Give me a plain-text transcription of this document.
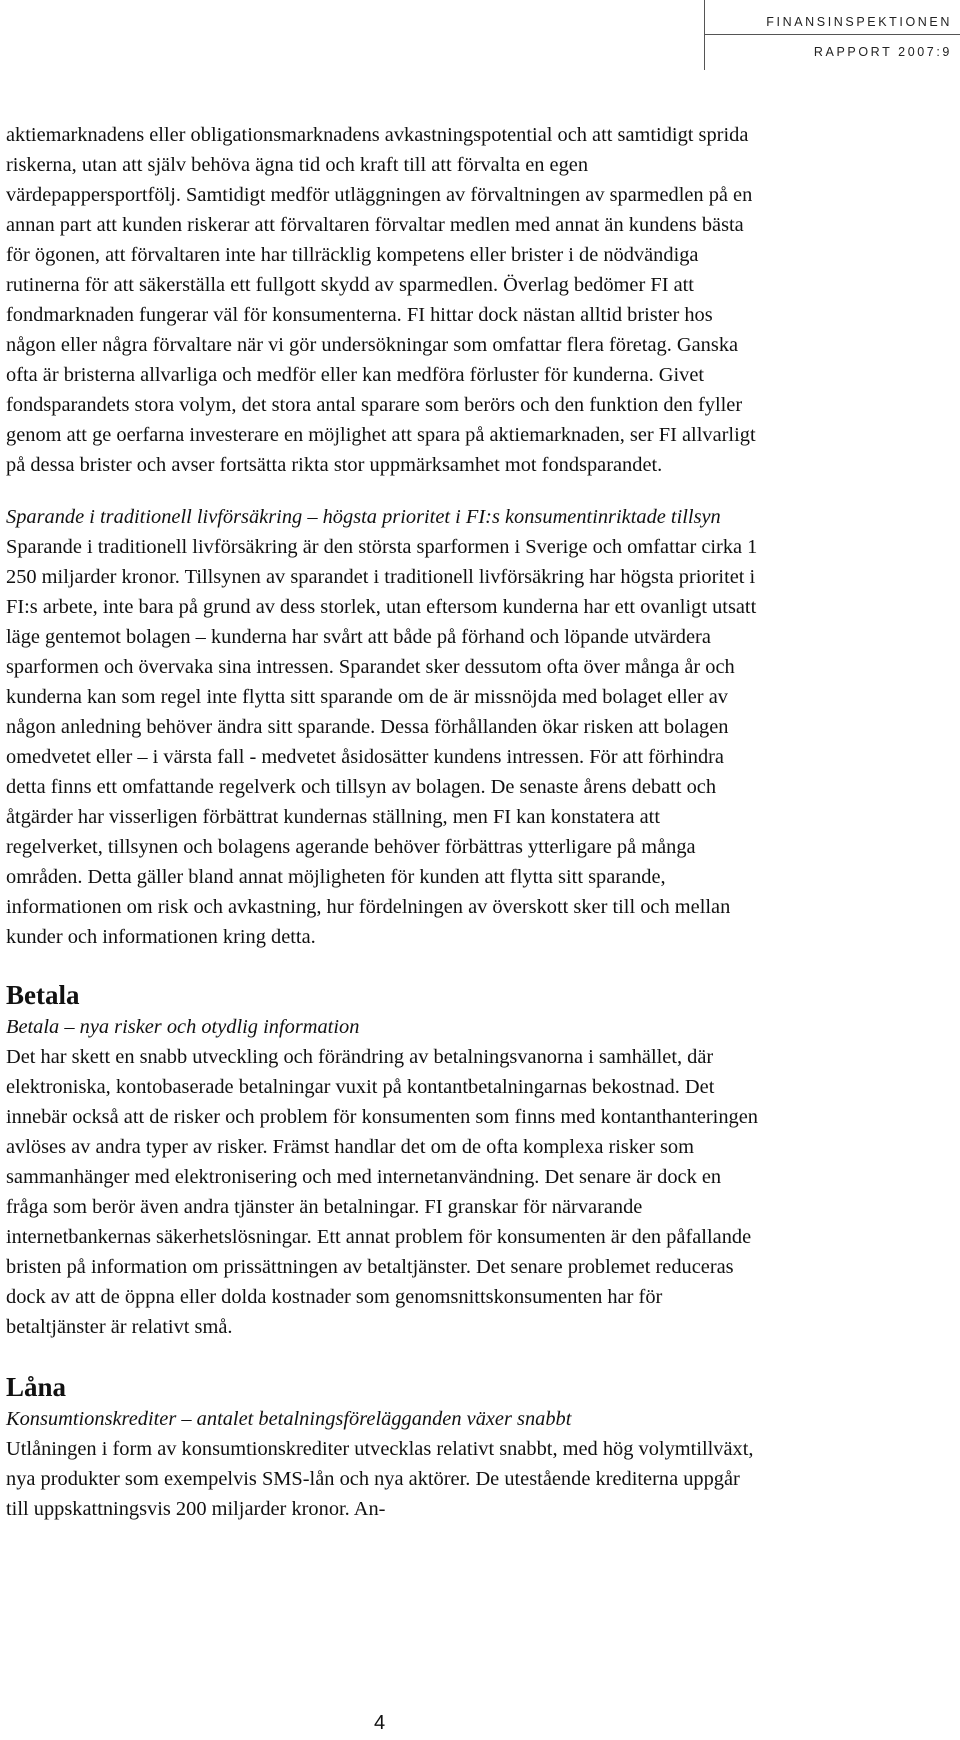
FINANSINSPEKTIONEN
RAPPORT 2007:9

aktiemarknadens eller obligationsmarknadens avkastningspotential och att samtidigt sprida riskerna, utan att själv behöva ägna tid och kraft till att förvalta en egen värdepappersportfölj. Samtidigt medför utläggningen av förvaltningen av sparmedlen på en annan part att kunden riskerar att förvaltaren förvaltar medlen med annat än kundens bästa för ögonen, att förvaltaren inte har tillräcklig kompetens eller brister i de nödvändiga rutinerna för att säkerställa ett fullgott skydd av sparmedlen. Överlag bedömer FI att fondmarknaden fungerar väl för konsumenterna. FI hittar dock nästan alltid brister hos någon eller några förvaltare när vi gör undersökningar som omfattar flera företag. Ganska ofta är bristerna allvarliga och medför eller kan medföra förluster för kunderna. Givet fondsparandets stora volym, det stora antal sparare som berörs och den funktion den fyller genom att ge oerfarna investerare en möjlighet att spara på aktiemarknaden, ser FI allvarligt på dessa brister och avser fortsätta rikta stor uppmärksamhet mot fondsparandet.

Sparande i traditionell livförsäkring – högsta prioritet i FI:s konsumentinriktade tillsyn

Sparande i traditionell livförsäkring är den största sparformen i Sverige och omfattar cirka 1 250 miljarder kronor. Tillsynen av sparandet i traditionell livförsäkring har högsta prioritet i FI:s arbete, inte bara på grund av dess storlek, utan eftersom kunderna har ett ovanligt utsatt läge gentemot bolagen – kunderna har svårt att både på förhand och löpande utvärdera sparformen och övervaka sina intressen. Sparandet sker dessutom ofta över många år och kunderna kan som regel inte flytta sitt sparande om de är missnöjda med bolaget eller av någon anledning behöver ändra sitt sparande. Dessa förhållanden ökar risken att bolagen omedvetet eller – i värsta fall - medvetet åsidosätter kundens intressen. För att förhindra detta finns ett omfattande regelverk och tillsyn av bolagen. De senaste årens debatt och åtgärder har visserligen förbättrat kundernas ställning, men FI kan konstatera att regelverket, tillsynen och bolagens agerande behöver förbättras ytterligare på många områden. Detta gäller bland annat möjligheten för kunden att flytta sitt sparande, informationen om risk och avkastning, hur fördelningen av överskott sker till och mellan kunder och informationen kring detta.

Betala

Betala – nya risker och otydlig information

Det har skett en snabb utveckling och förändring av betalningsvanorna i samhället, där elektroniska, kontobaserade betalningar vuxit på kontantbetalningarnas bekostnad. Det innebär också att de risker och problem för konsumenten som finns med kontanthanteringen avlöses av andra typer av risker. Främst handlar det om de ofta komplexa risker som sammanhänger med elektronisering och med internetanvändning. Det senare är dock en fråga som berör även andra tjänster än betalningar. FI granskar för närvarande internetbankernas säkerhetslösningar. Ett annat problem för konsumenten är den påfallande bristen på information om prissättningen av betaltjänster. Det senare problemet reduceras dock av att de öppna eller dolda kostnader som genomsnittskonsumenten har för betaltjänster är relativt små.

Låna

Konsumtionskrediter – antalet betalningsförelägganden växer snabbt

Utlåningen i form av konsumtionskrediter utvecklas relativt snabbt, med hög volymtillväxt, nya produkter som exempelvis SMS-lån och nya aktörer. De utestående krediterna uppgår till uppskattningsvis 200 miljarder kronor. An-

4
